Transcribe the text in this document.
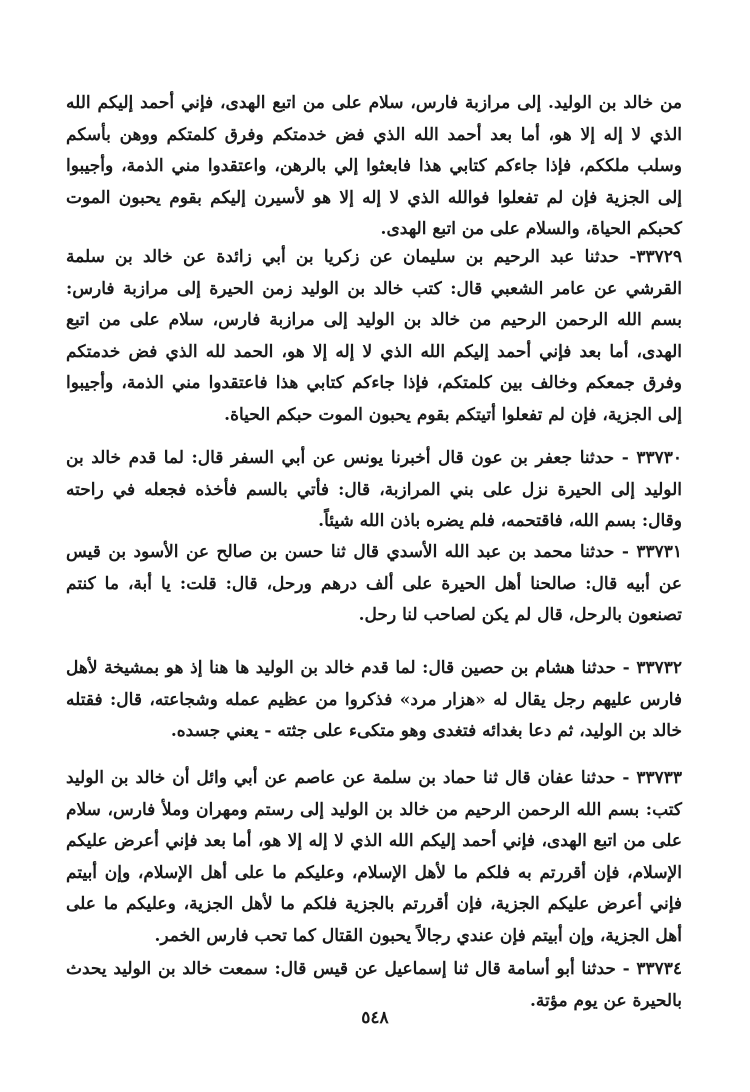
من خالد بن الوليد. إلى مرازبة فارس، سلام على من اتبع الهدى، فإني أحمد إليكم الله الذي لا إله إلا هو، أما بعد أحمد الله الذي فض خدمتكم وفرق كلمتكم ووهن بأسكم وسلب ملككم، فإذا جاءكم كتابي هذا فابعثوا إلي بالرهن، واعتقدوا مني الذمة، وأجيبوا إلى الجزية فإن لم تفعلوا فوالله الذي لا إله إلا هو لأسيرن إليكم بقوم يحبون الموت كحبكم الحياة، والسلام على من اتبع الهدى.

٣٣٧٢٩- حدثنا عبد الرحيم بن سليمان عن زكريا بن أبي زائدة عن خالد بن سلمة القرشي عن عامر الشعبي قال: كتب خالد بن الوليد زمن الحيرة إلى مرازبة فارس: بسم الله الرحمن الرحيم من خالد بن الوليد إلى مرازبة فارس، سلام على من اتبع الهدى، أما بعد فإني أحمد إليكم الله الذي لا إله إلا هو، الحمد لله الذي فض خدمتكم وفرق جمعكم وخالف بين كلمتكم، فإذا جاءكم كتابي هذا فاعتقدوا مني الذمة، وأجيبوا إلى الجزية، فإن لم تفعلوا أتيتكم بقوم يحبون الموت حبكم الحياة.

٣٣٧٣٠ - حدثنا جعفر بن عون قال أخبرنا يونس عن أبي السفر قال: لما قدم خالد بن الوليد إلى الحيرة نزل على بني المرازبة، قال: فأتي بالسم فأخذه فجعله في راحته وقال: بسم الله، فاقتحمه، فلم يضره باذن الله شيئاً.

٣٣٧٣١ - حدثنا محمد بن عبد الله الأسدي قال ثنا حسن بن صالح عن الأسود بن قيس عن أبيه قال: صالحنا أهل الحيرة على ألف درهم ورحل، قال: قلت: يا أبة، ما كنتم تصنعون بالرحل، قال لم يكن لصاحب لنا رحل.

٣٣٧٣٢ - حدثنا هشام بن حصين قال: لما قدم خالد بن الوليد ها هنا إذ هو بمشيخة لأهل فارس عليهم رجل يقال له «هزار مرد» فذكروا من عظيم عمله وشجاعته، قال: فقتله خالد بن الوليد، ثم دعا بغدائه فتغدى وهو متكىء على جثته - يعني جسده.

٣٣٧٣٣ - حدثنا عفان قال ثنا حماد بن سلمة عن عاصم عن أبي وائل أن خالد بن الوليد كتب: بسم الله الرحمن الرحيم من خالد بن الوليد إلى رستم ومهران وملأ فارس، سلام على من اتبع الهدى، فإني أحمد إليكم الله الذي لا إله إلا هو، أما بعد فإني أعرض عليكم الإسلام، فإن أقررتم به فلكم ما لأهل الإسلام، وعليكم ما على أهل الإسلام، وإن أبيتم فإني أعرض عليكم الجزية، فإن أقررتم بالجزية فلكم ما لأهل الجزية، وعليكم ما على أهل الجزية، وإن أبيتم فإن عندي رجالاً يحبون القتال كما تحب فارس الخمر.

٣٣٧٣٤ - حدثنا أبو أسامة قال ثنا إسماعيل عن قيس قال: سمعت خالد بن الوليد يحدث بالحيرة عن يوم مؤتة.

٥٤٨
